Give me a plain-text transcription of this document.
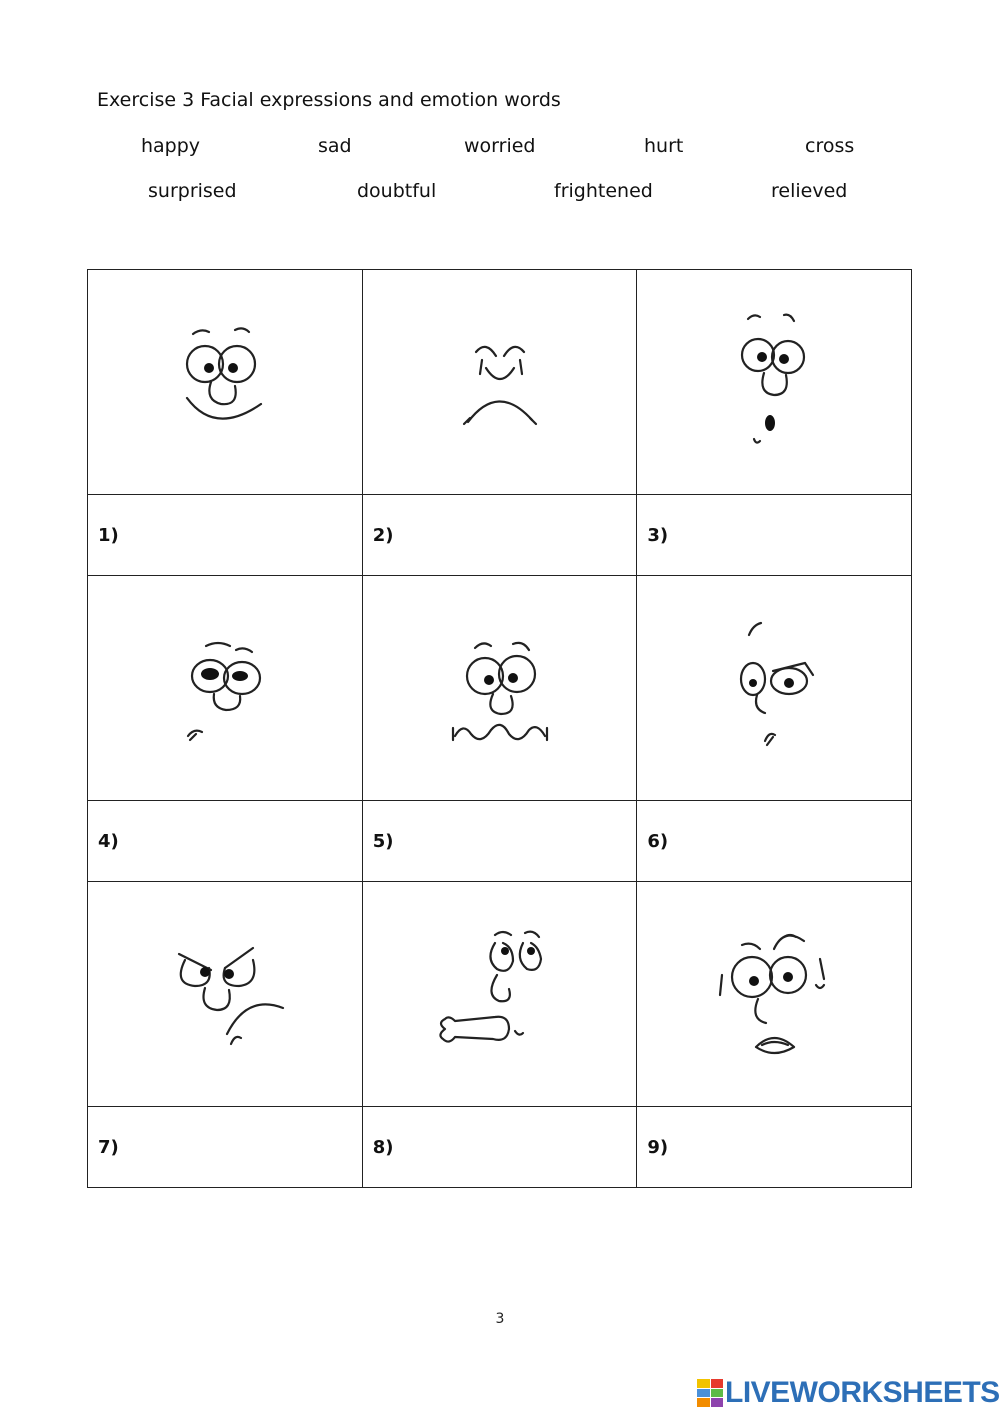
Exercise 3 Facial expressions and emotion words
happy	sad	worried	hurt	cross
surprised	doubtful	frightened	relieved

1)	2)	3)

4)	5)	6)

7)	8)	9)
3
LIVEWORKSHEETS
